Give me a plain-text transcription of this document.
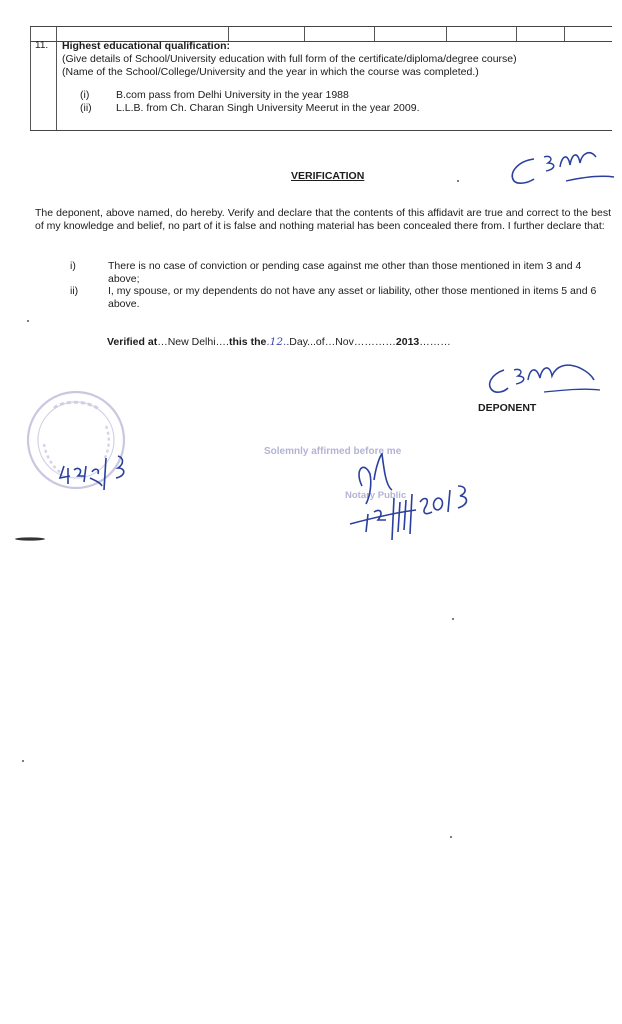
11. Highest educational qualification:
(Give details of School/University education with full form of the certificate/diploma/degree course)
(Name of the School/College/University and the year in which the course was completed.)
(i)	B.com pass from Delhi University in the year 1988
(ii) L.L.B. from Ch. Charan Singh University Meerut in the year 2009.
VERIFICATION
The deponent, above named, do hereby. Verify and declare that the contents of this affidavit are true and correct to the best of my knowledge and belief, no part of it is false and nothing material has been concealed there from. I further declare that:
i)	There is no case of conviction or pending case against me other than those mentioned in item 3 and 4 above;
ii)	I, my spouse, or my dependents do not have any asset or liability, other those mentioned in items 5 and 6 above.
Verified at…New Delhi….this the.12..Day...of…Nov…………2013………
DEPONENT
Solemnly affirmed before me
Notary Public
